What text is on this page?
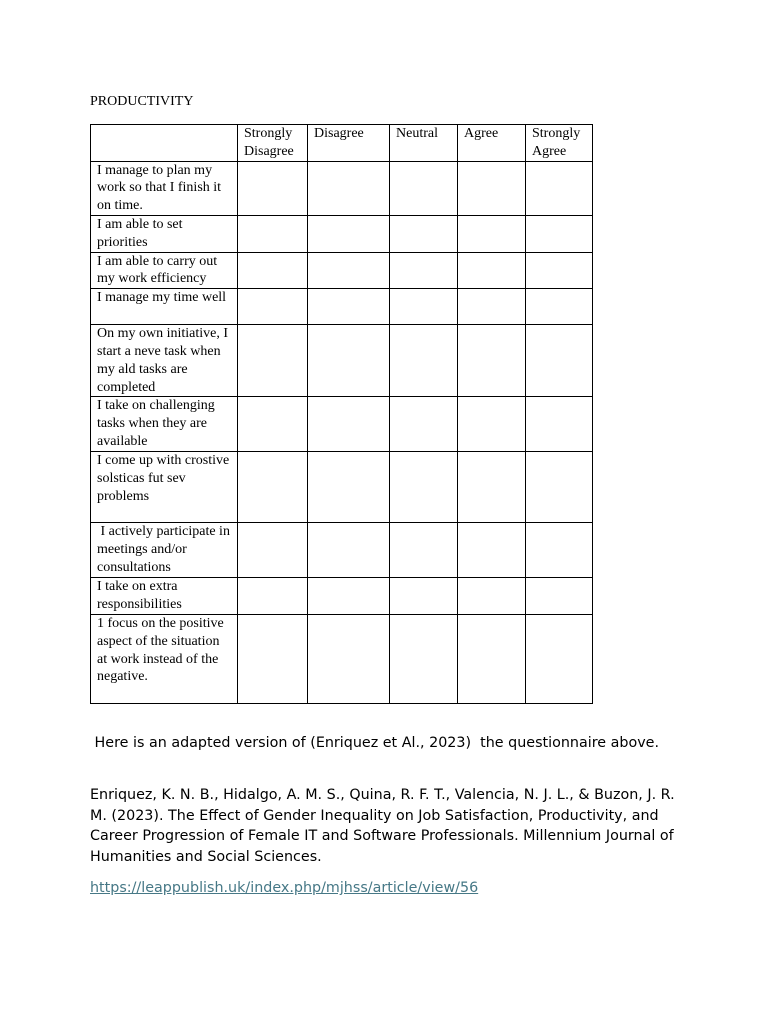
PRODUCTIVITY
	Strongly Disagree	Disagree	Neutral	Agree	Strongly Agree
I manage to plan my work so that I finish it on time.					
I am able to set priorities					
I am able to carry out my work efficiency					
I manage my time well					
On my own initiative, I start a neve task when my ald tasks are completed					
I take on challenging tasks when they are available					
I come up with crostive solsticas fut sev problems					
I actively participate in meetings and/or consultations					
I take on extra responsibilities					
1 focus on the positive aspect of the situation at work instead of the negative.					

Here is an adapted version of (Enriquez et Al., 2023)  the questionnaire above.

Enriquez, K. N. B., Hidalgo, A. M. S., Quina, R. F. T., Valencia, N. J. L., & Buzon, J. R. M. (2023). The Effect of Gender Inequality on Job Satisfaction, Productivity, and Career Progression of Female IT and Software Professionals. Millennium Journal of Humanities and Social Sciences.

https://leappublish.uk/index.php/mjhss/article/view/56
